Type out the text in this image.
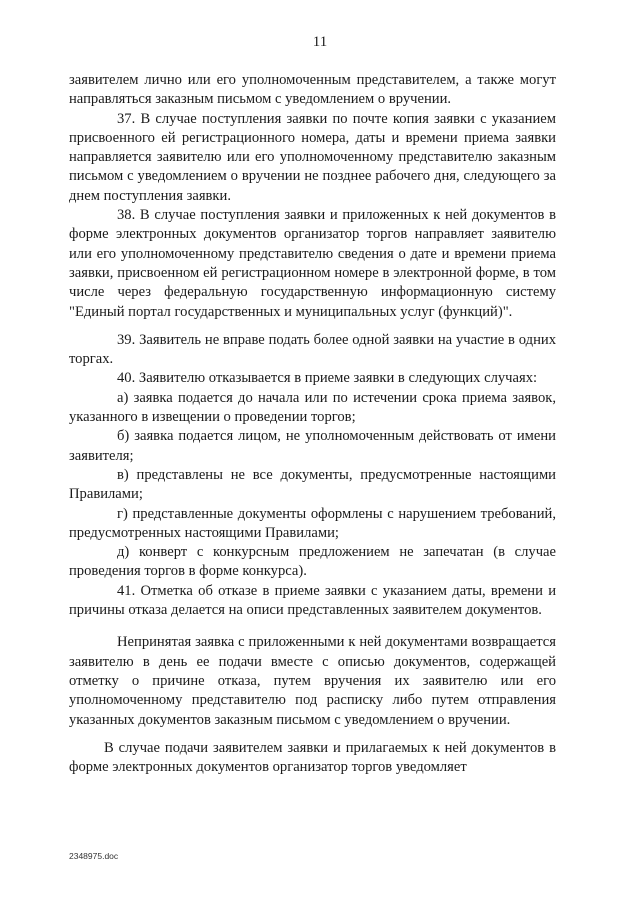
11

заявителем лично или его уполномоченным представителем, а также могут направляться заказным письмом с уведомлением о вручении.

37. В случае поступления заявки по почте копия заявки с указанием присвоенного ей регистрационного номера, даты и времени приема заявки направляется заявителю или его уполномоченному представителю заказным письмом с уведомлением о вручении не позднее рабочего дня, следующего за днем поступления заявки.

38. В случае поступления заявки и приложенных к ней документов в форме электронных документов организатор торгов направляет заявителю или его уполномоченному представителю сведения о дате и времени приема заявки, присвоенном ей регистрационном номере в электронной форме, в том числе через федеральную государственную информационную систему "Единый портал государственных и муниципальных услуг (функций)".

39. Заявитель не вправе подать более одной заявки на участие в одних торгах.

40. Заявителю отказывается в приеме заявки в следующих случаях:

а) заявка подается до начала или по истечении срока приема заявок, указанного в извещении о проведении торгов;

б) заявка подается лицом, не уполномоченным действовать от имени заявителя;

в) представлены не все документы, предусмотренные настоящими Правилами;

г) представленные документы оформлены с нарушением требований, предусмотренных настоящими Правилами;

д) конверт с конкурсным предложением не запечатан (в случае проведения торгов в форме конкурса).

41. Отметка об отказе в приеме заявки с указанием даты, времени и причины отказа делается на описи представленных заявителем документов.

Непринятая заявка с приложенными к ней документами возвращается заявителю в день ее подачи вместе с описью документов, содержащей отметку о причине отказа, путем вручения их заявителю или его уполномоченному представителю под расписку либо путем отправления указанных документов заказным письмом с уведомлением о вручении.

В случае подачи заявителем заявки и прилагаемых к ней документов в форме электронных документов организатор торгов уведомляет

2348975.doc
